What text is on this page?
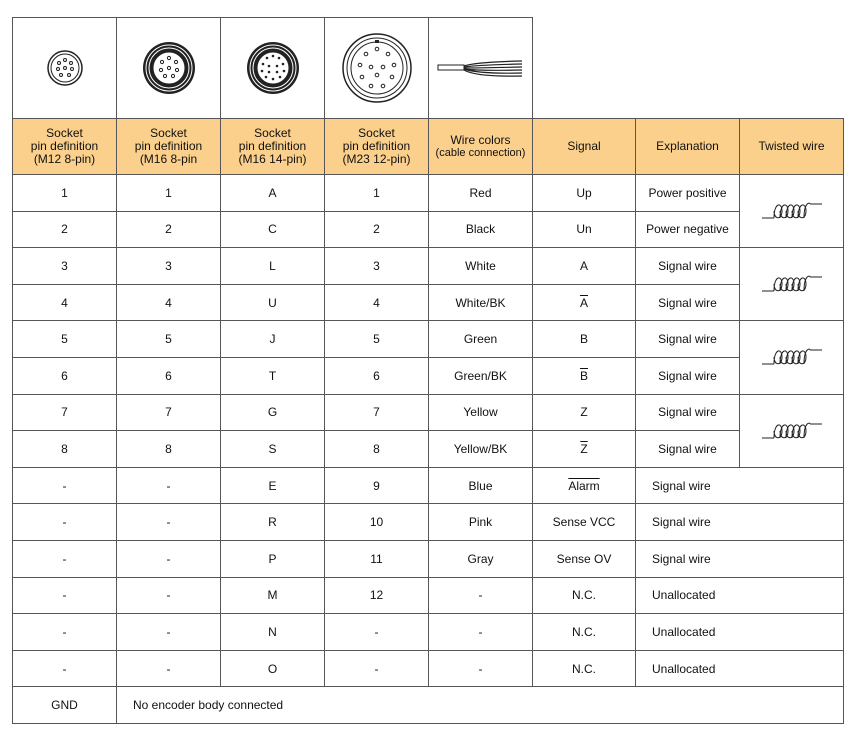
Socket
pin definition
(M12 8-pin)	Socket
pin definition
(M16 8-pin	Socket
pin definition
(M16 14-pin)	Socket
pin definition
(M23 12-pin)	Wire colors
(cable connection)	Signal	Explanation	Twisted wire
1	1	A	1	Red	Up	Power positive	

2	2	C	2	Black	Un	Power negative	
3	3	L	3	White	A	Signal wire	

4	4	U	4	White/BK	$\overline{A}$	Signal wire	
5	5	J	5	Green	B	Signal wire	

6	6	T	6	Green/BK	$\overline{B}$	Signal wire	
7	7	G	7	Yellow	Z	Signal wire	

8	8	S	8	Yellow/BK	$\overline{Z}$	Signal wire	
-	-	E	9	Blue	Alarm	Signal wire	
-	-	R	10	Pink	Sense VCC	Signal wire	
-	-	P	11	Gray	Sense OV	Signal wire	
-	-	M	12	-	N.C.	Unallocated	
-	-	N	-	-	N.C.	Unallocated	
-	-	O	-	-	N.C.	Unallocated	
GND	No encoder body connected						
